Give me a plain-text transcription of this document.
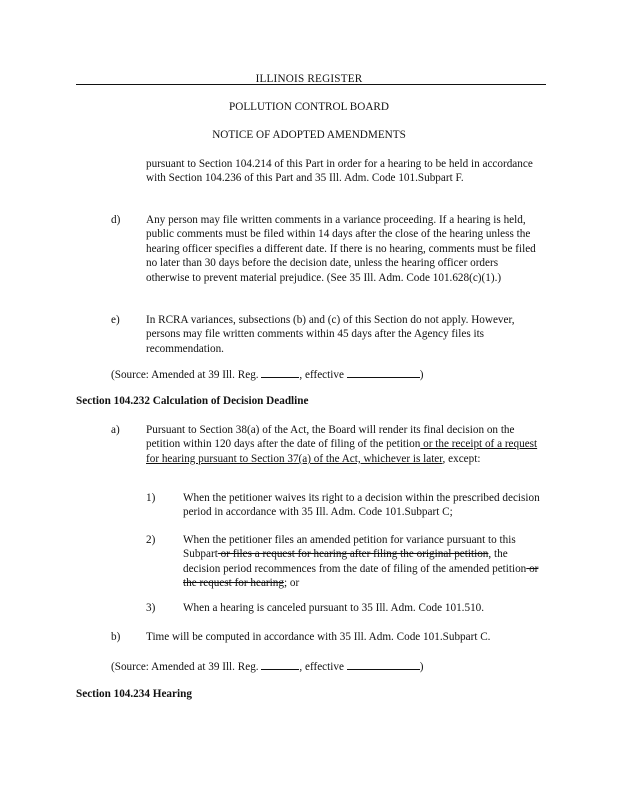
ILLINOIS REGISTER
POLLUTION CONTROL BOARD
NOTICE OF ADOPTED AMENDMENTS

pursuant to Section 104.214 of this Part in order for a hearing to be held in accordance with Section 104.236 of this Part and 35 Ill. Adm. Code 101.Subpart F.

d) Any person may file written comments in a variance proceeding. If a hearing is held, public comments must be filed within 14 days after the close of the hearing unless the hearing officer specifies a different date. If there is no hearing, comments must be filed no later than 30 days before the decision date, unless the hearing officer orders otherwise to prevent material prejudice. (See 35 Ill. Adm. Code 101.628(c)(1).)

e) In RCRA variances, subsections (b) and (c) of this Section do not apply. However, persons may file written comments within 45 days after the Agency files its recommendation.

(Source: Amended at 39 Ill. Reg.	, effective	)
Section 104.232 Calculation of Decision Deadline
a) Pursuant to Section 38(a) of the Act, the Board will render its final decision on the petition within 120 days after the date of filing of the petition or the receipt of a request for hearing pursuant to Section 37(a) of the Act, whichever is later, except:

1) When the petitioner waives its right to a decision within the prescribed decision period in accordance with 35 Ill. Adm. Code 101.Subpart C;

2) When the petitioner files an amended petition for variance pursuant to this Subpart or files a request for hearing after filing the original petition, the decision period recommences from the date of filing of the amended petition or the request for hearing; or

3) When a hearing is canceled pursuant to 35 Ill. Adm. Code 101.510.

b) Time will be computed in accordance with 35 Ill. Adm. Code 101.Subpart C.

(Source: Amended at 39 Ill. Reg.	, effective	)
Section 104.234 Hearing
